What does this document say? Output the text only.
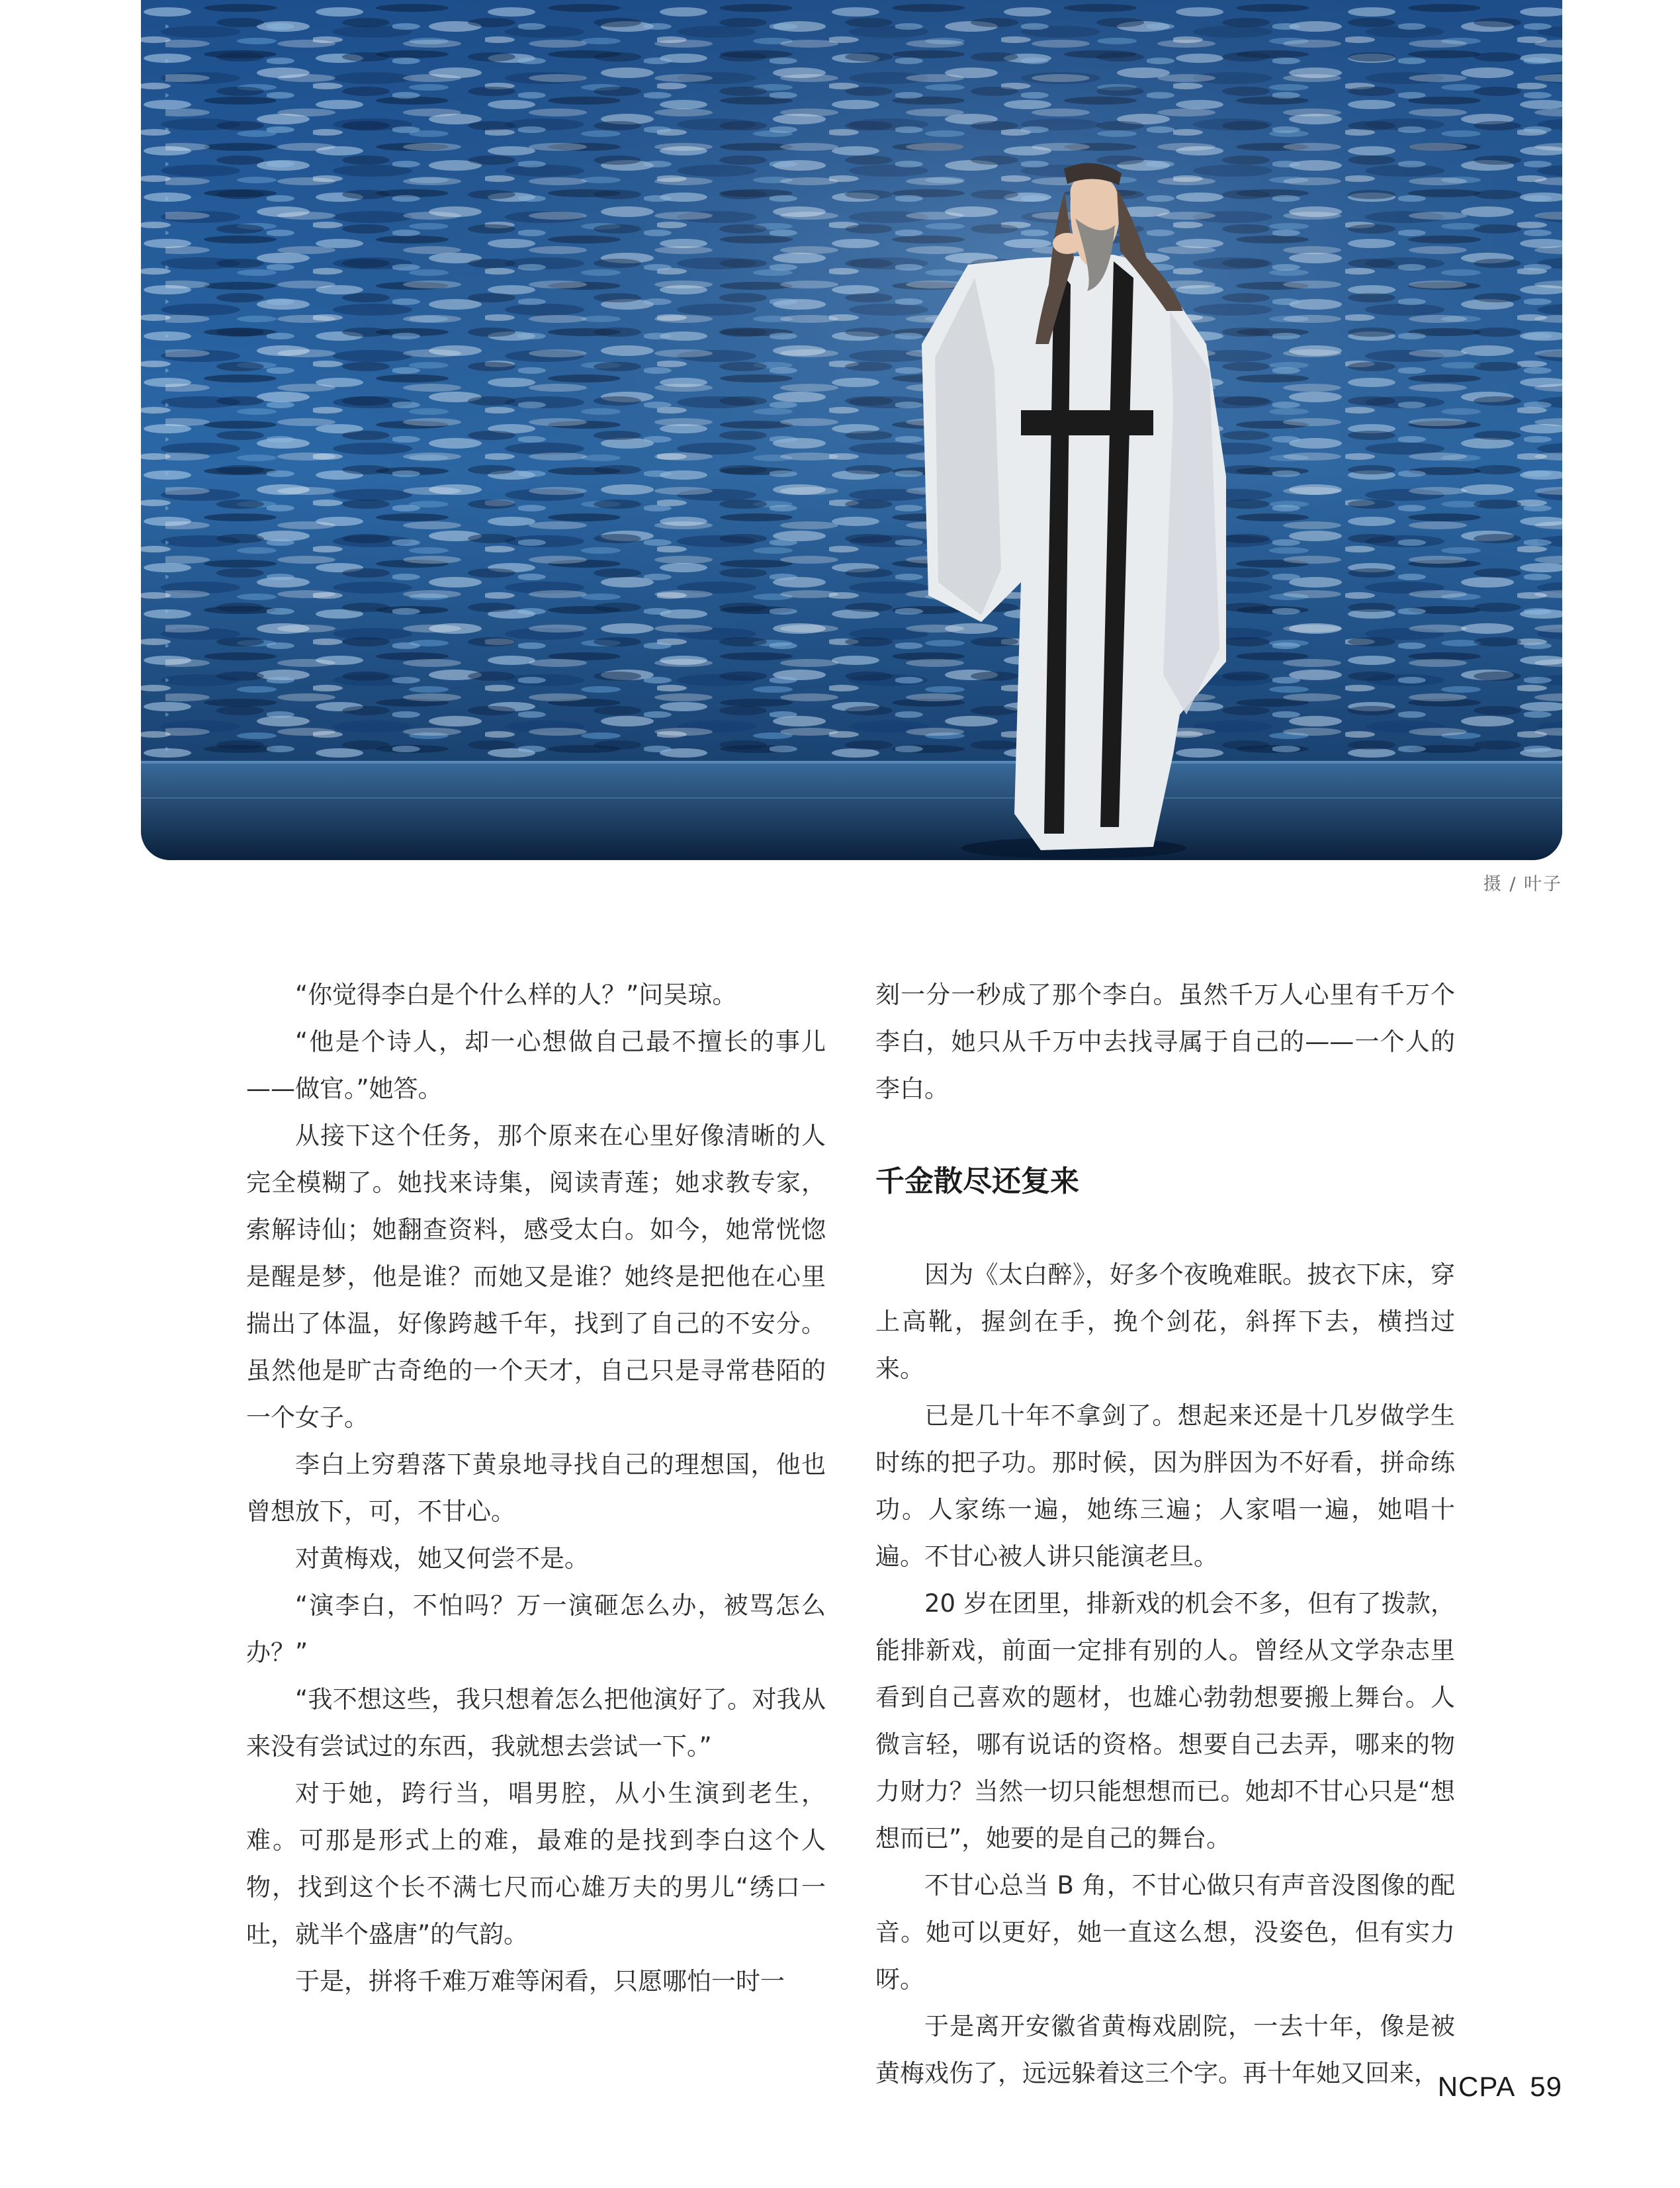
摄 / 叶子

“你觉得李白是个什么样的人？”问吴琼。

“他是个诗人，却一心想做自己最不擅长的事儿——做官。”她答。

从接下这个任务，那个原来在心里好像清晰的人完全模糊了。她找来诗集，阅读青莲；她求教专家，索解诗仙；她翻查资料，感受太白。如今，她常恍惚是醒是梦，他是谁？而她又是谁？她终是把他在心里揣出了体温，好像跨越千年，找到了自己的不安分。虽然他是旷古奇绝的一个天才，自己只是寻常巷陌的一个女子。

李白上穷碧落下黄泉地寻找自己的理想国，他也曾想放下，可，不甘心。

对黄梅戏，她又何尝不是。

“演李白，不怕吗？万一演砸怎么办，被骂怎么办？”

“我不想这些，我只想着怎么把他演好了。对我从来没有尝试过的东西，我就想去尝试一下。”

对于她，跨行当，唱男腔，从小生演到老生，难。可那是形式上的难，最难的是找到李白这个人物，找到这个长不满七尺而心雄万夫的男儿“绣口一吐，就半个盛唐”的气韵。

于是，拼将千难万难等闲看，只愿哪怕一时一

刻一分一秒成了那个李白。虽然千万人心里有千万个李白，她只从千万中去找寻属于自己的——一个人的李白。

千金散尽还复来

因为《太白醉》，好多个夜晚难眠。披衣下床，穿上高靴，握剑在手，挽个剑花，斜挥下去，横挡过来。

已是几十年不拿剑了。想起来还是十几岁做学生时练的把子功。那时候，因为胖因为不好看，拼命练功。人家练一遍，她练三遍；人家唱一遍，她唱十遍。不甘心被人讲只能演老旦。

20 岁在团里，排新戏的机会不多，但有了拨款，能排新戏，前面一定排有别的人。曾经从文学杂志里看到自己喜欢的题材，也雄心勃勃想要搬上舞台。人微言轻，哪有说话的资格。想要自己去弄，哪来的物力财力？当然一切只能想想而已。她却不甘心只是“想想而已”，她要的是自己的舞台。

不甘心总当 B 角，不甘心做只有声音没图像的配音。她可以更好，她一直这么想，没姿色，但有实力呀。

于是离开安徽省黄梅戏剧院，一去十年，像是被黄梅戏伤了，远远躲着这三个字。再十年她又回来，

NCPA 59
